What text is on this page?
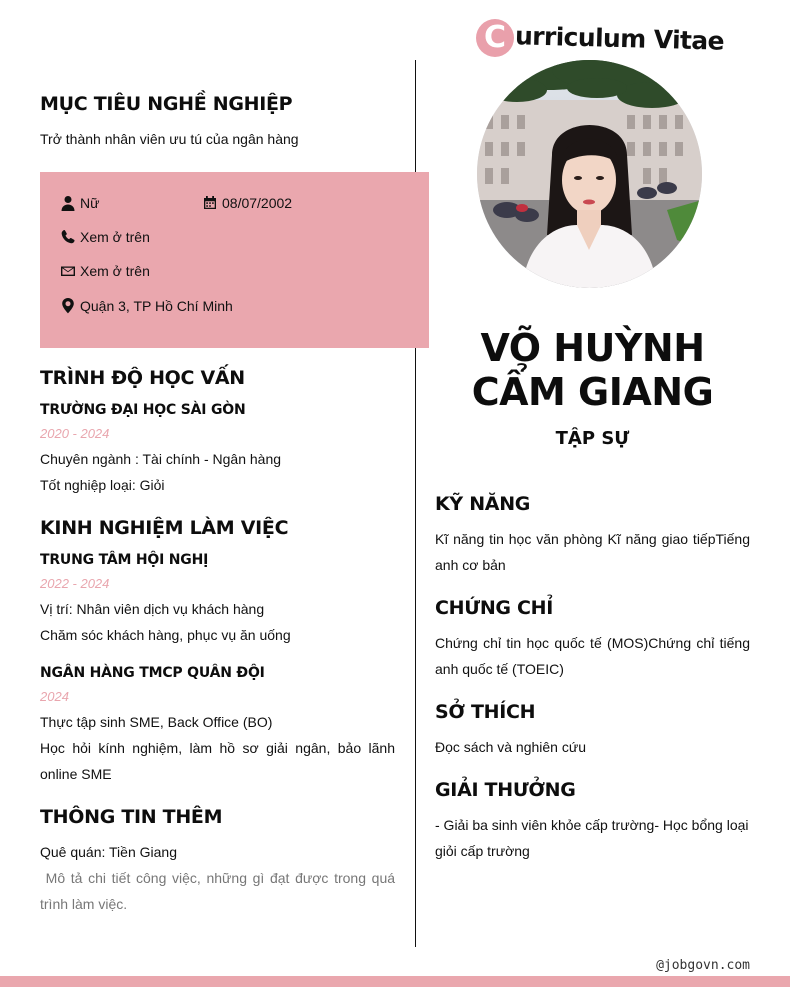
C urriculum Vitae
MỤC TIÊU NGHỀ NGHIỆP
Trở thành nhân viên ưu tú của ngân hàng
Nữ	08/07/2002
Xem ở trên
Xem ở trên
Quận 3, TP Hồ Chí Minh
TRÌNH ĐỘ HỌC VẤN
TRƯỜNG ĐẠI HỌC SÀI GÒN
2020 - 2024
Chuyên ngành : Tài chính - Ngân hàng
Tốt nghiệp loại: Giỏi
KINH NGHIỆM LÀM VIỆC
TRUNG TÂM HỘI NGHỊ
2022 - 2024
Vị trí: Nhân viên dịch vụ khách hàng
Chăm sóc khách hàng, phục vụ ăn uống
NGÂN HÀNG TMCP QUÂN ĐỘI
2024
Thực tập sinh SME, Back Office (BO)
Học hỏi kính nghiệm, làm hồ sơ giải ngân, bảo lãnh online SME
THÔNG TIN THÊM
Quê quán: Tiền Giang
Mô tả chi tiết công việc, những gì đạt được trong quá trình làm việc.
VÕ HUỲNH CẨM GIANG
TẬP SỰ
KỸ NĂNG
Kĩ năng tin học văn phòng Kĩ năng giao tiếpTiếng anh cơ bản
CHỨNG CHỈ
Chứng chỉ tin học quốc tế (MOS)Chứng chỉ tiếng anh quốc tế (TOEIC)
SỞ THÍCH
Đọc sách và nghiên cứu
GIẢI THƯỞNG
- Giải ba sinh viên khỏe cấp trường- Học bổng loại giỏi cấp trường
@jobgovn.com
